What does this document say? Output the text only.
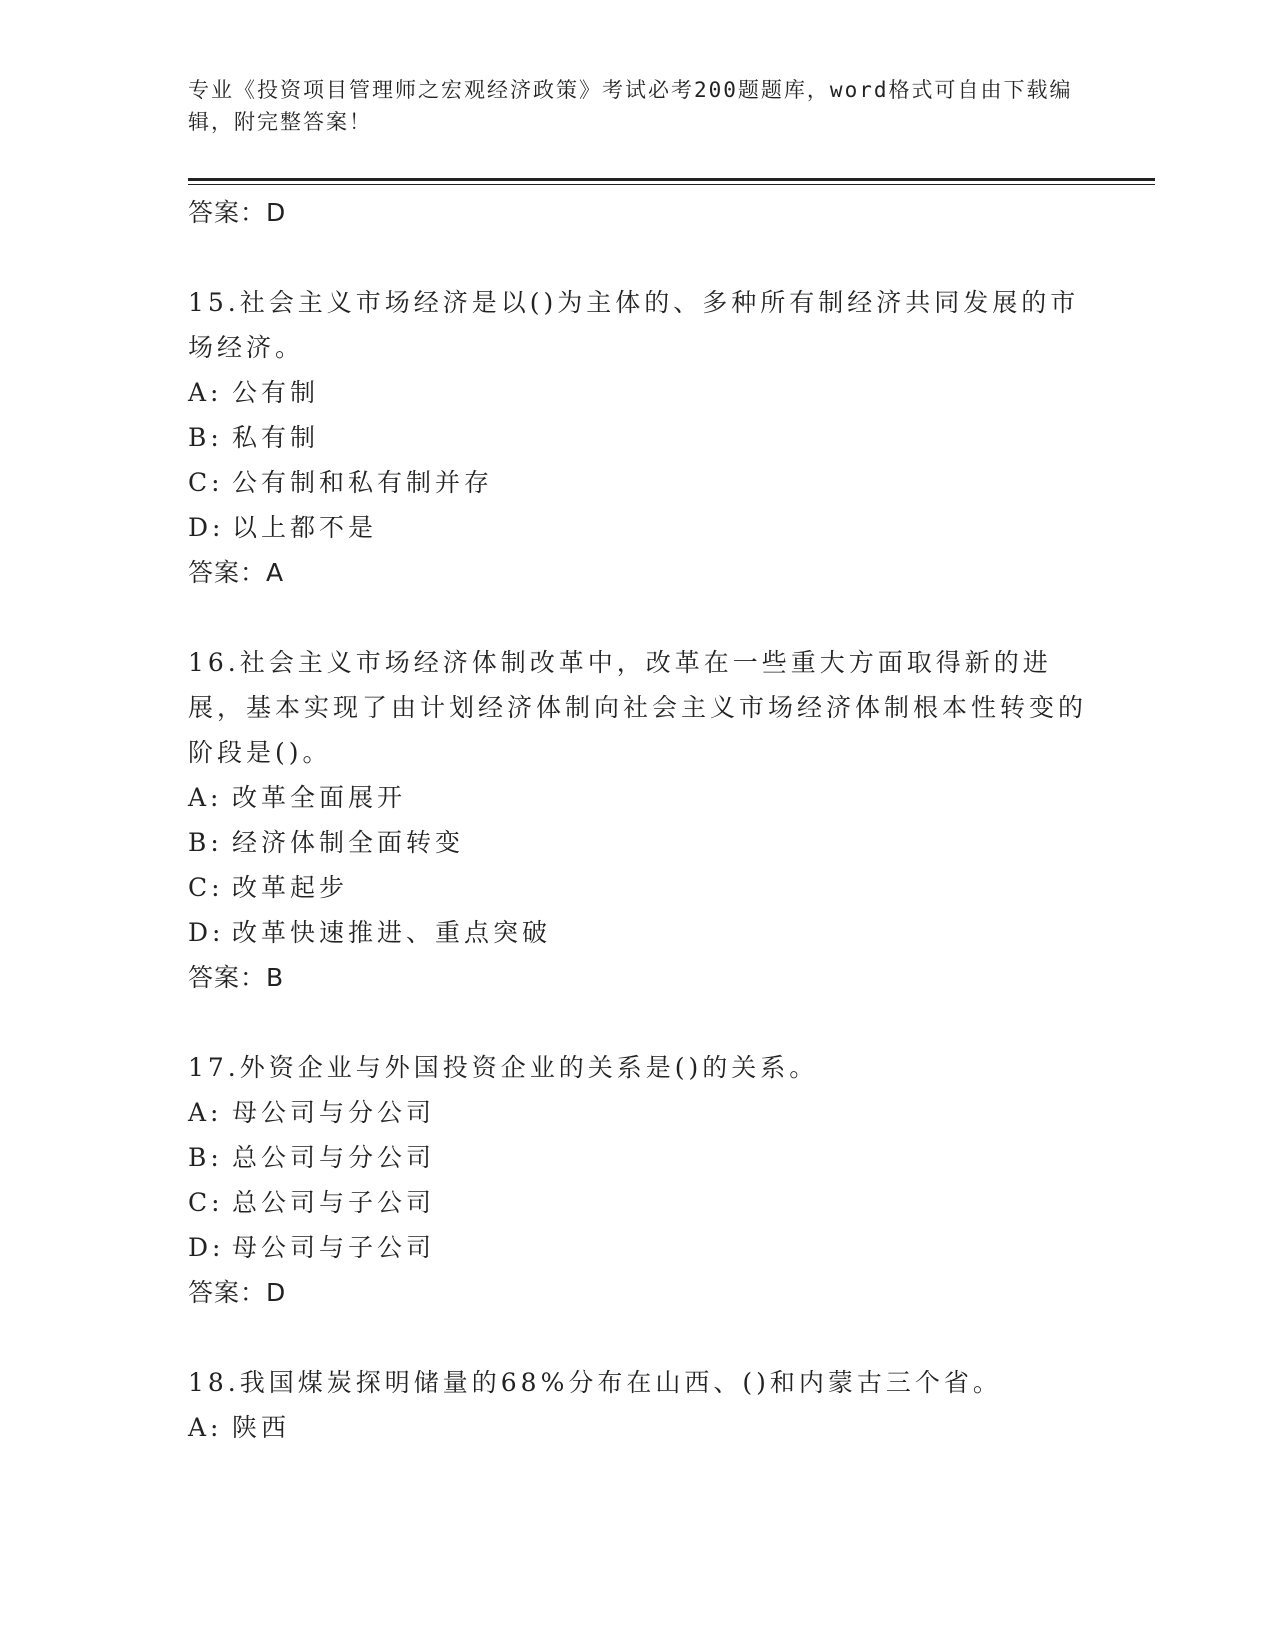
专业《投资项目管理师之宏观经济政策》考试必考200题题库，word格式可自由下载编辑，附完整答案！
答案：D
15.社会主义市场经济是以()为主体的、多种所有制经济共同发展的市场经济。
A: 公有制
B: 私有制
C: 公有制和私有制并存
D: 以上都不是
答案：A
16.社会主义市场经济体制改革中，改革在一些重大方面取得新的进展，基本实现了由计划经济体制向社会主义市场经济体制根本性转变的阶段是()。
A: 改革全面展开
B: 经济体制全面转变
C: 改革起步
D: 改革快速推进、重点突破
答案：B
17.外资企业与外国投资企业的关系是()的关系。
A: 母公司与分公司
B: 总公司与分公司
C: 总公司与子公司
D: 母公司与子公司
答案：D
18.我国煤炭探明储量的68%分布在山西、()和内蒙古三个省。
A: 陕西
